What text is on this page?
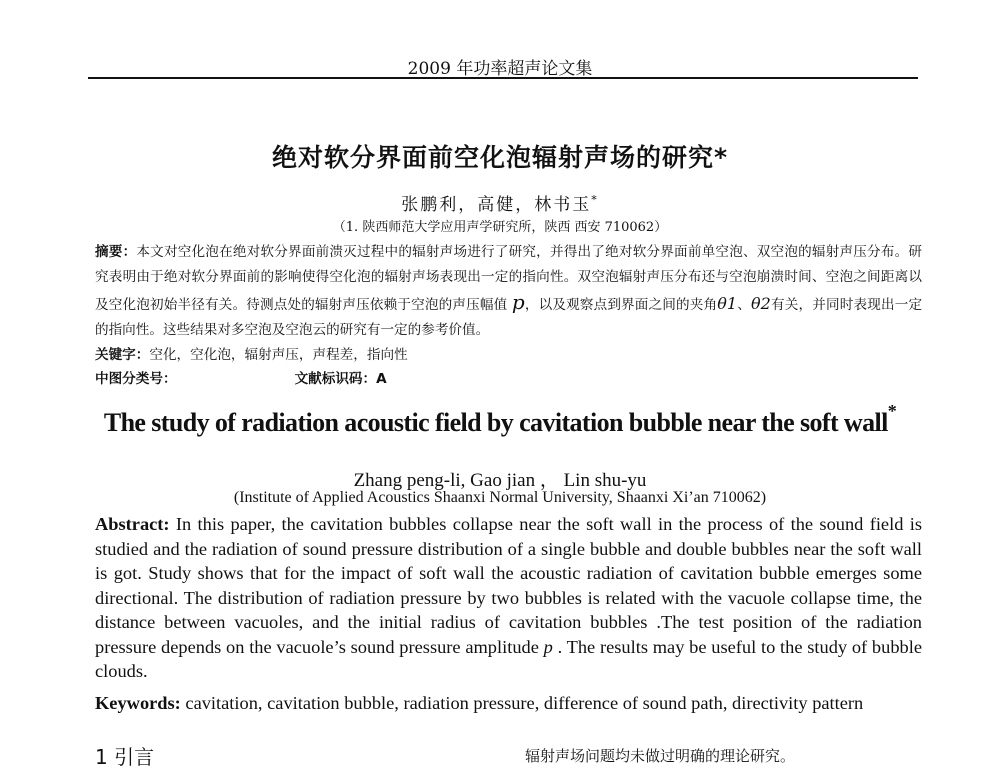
2009 年功率超声论文集
绝对软分界面前空化泡辐射声场的研究*
张鹏利，高健，林书玉*
（1. 陕西师范大学应用声学研究所，陕西 西安 710062）
摘要：本文对空化泡在绝对软分界面前溃灭过程中的辐射声场进行了研究，并得出了绝对软分界面前单空泡、双空泡的辐射声压分布。研究表明由于绝对软分界面前的影响使得空化泡的辐射声场表现出一定的指向性。双空泡辐射声压分布还与空泡崩溃时间、空泡之间距离以及空化泡初始半径有关。待测点处的辐射声压依赖于空泡的声压幅值 p，以及观察点到界面之间的夹角θ1、θ2有关，并同时表现出一定的指向性。这些结果对多空泡及空泡云的研究有一定的参考价值。
关键字：空化，空化泡，辐射声压，声程差，指向性
中图分类号：	文献标识码：A
The study of radiation acoustic field by cavitation bubble near the soft wall*
Zhang peng-li, Gao jian ， Lin shu-yu
(Institute of Applied Acoustics Shaanxi Normal University, Shaanxi Xi’an 710062)
Abstract: In this paper, the cavitation bubbles collapse near the soft wall in the process of the sound field is studied and the radiation of sound pressure distribution of a single bubble and double bubbles near the soft wall is got. Study shows that for the impact of soft wall the acoustic radiation of cavitation bubble emerges some directional. The distribution of radiation pressure by two bubbles is related with the vacuole collapse time, the distance between vacuoles, and the initial radius of cavitation bubbles .The test position of the radiation pressure depends on the vacuole’s sound pressure amplitude p . The results may be useful to the study of bubble clouds.
Keywords: cavitation, cavitation bubble, radiation pressure, difference of sound path, directivity pattern
1 引言	辐射声场问题均未做过明确的理论研究。
